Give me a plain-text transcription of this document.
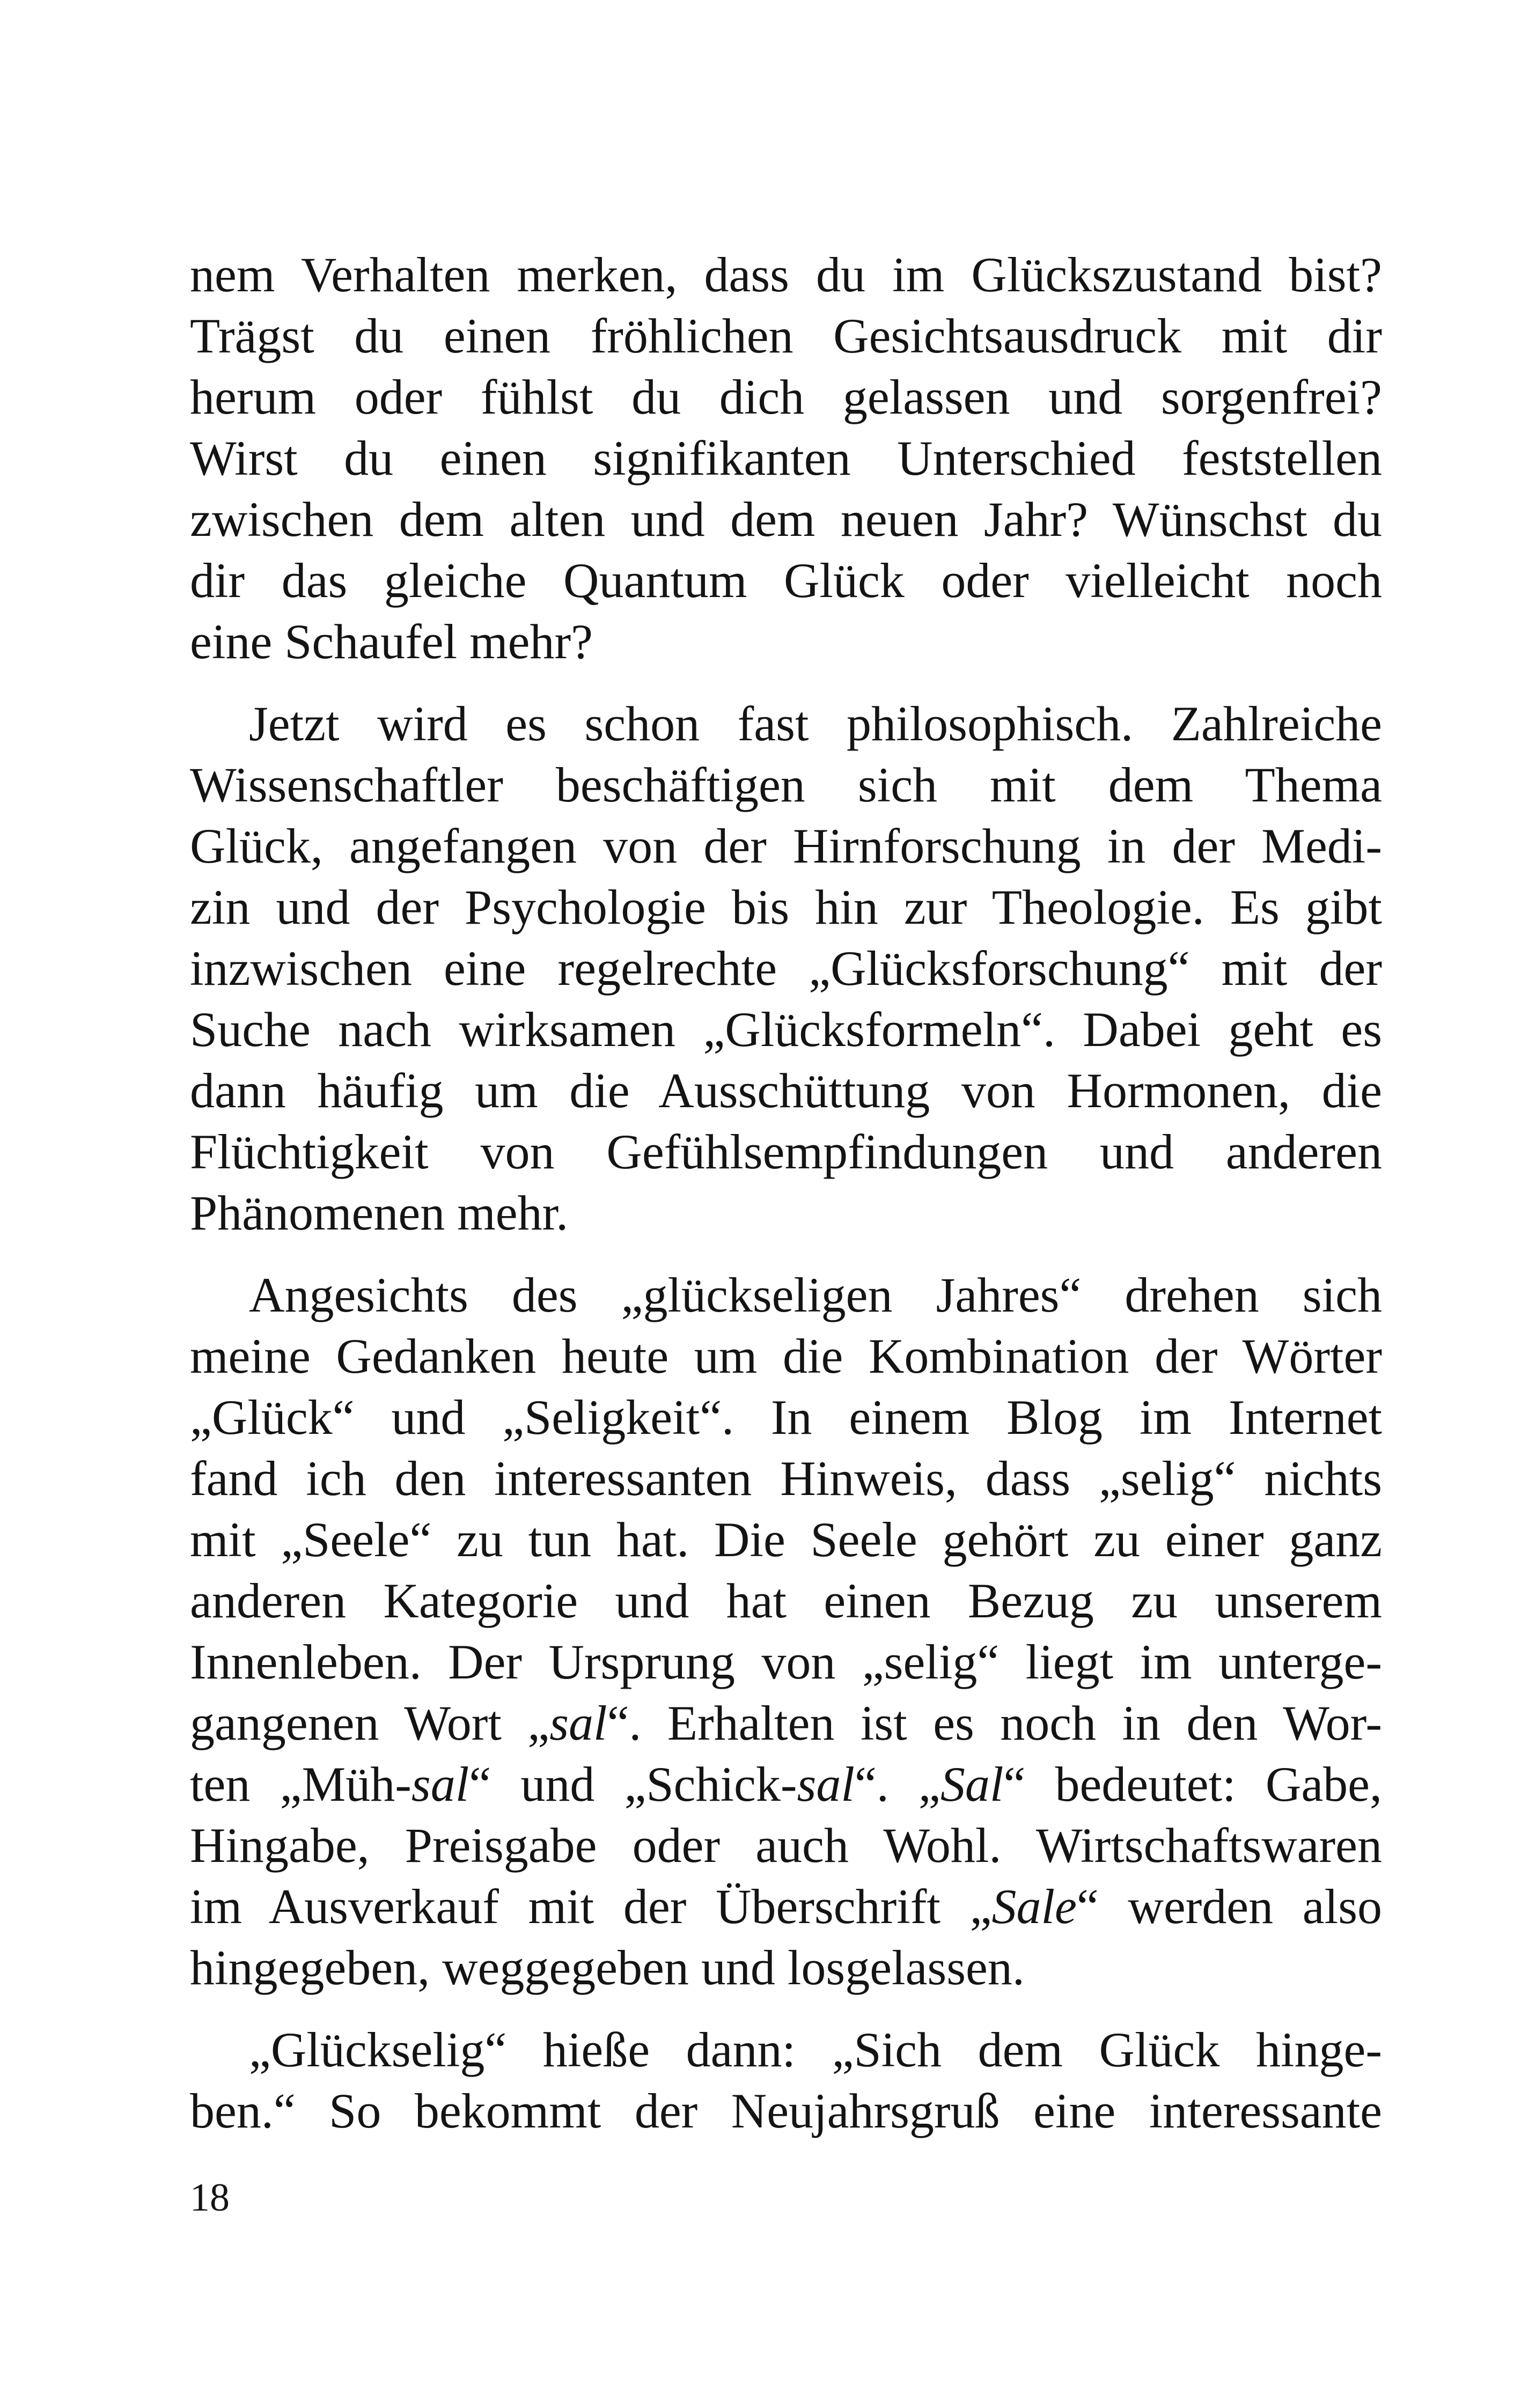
nem Verhalten merken, dass du im Glückszustand bist?
Trägst du einen fröhlichen Gesichtsausdruck mit dir
herum oder fühlst du dich gelassen und sorgenfrei?
Wirst du einen signifikanten Unterschied feststellen
zwischen dem alten und dem neuen Jahr? Wünschst du
dir das gleiche Quantum Glück oder vielleicht noch
eine Schaufel mehr?

Jetzt wird es schon fast philosophisch. Zahlreiche
Wissenschaftler beschäftigen sich mit dem Thema
Glück, angefangen von der Hirnforschung in der Medi-
zin und der Psychologie bis hin zur Theologie. Es gibt
inzwischen eine regelrechte „Glücksforschung“ mit der
Suche nach wirksamen „Glücksformeln“. Dabei geht es
dann häufig um die Ausschüttung von Hormonen, die
Flüchtigkeit von Gefühlsempfindungen und anderen
Phänomenen mehr.

Angesichts des „glückseligen Jahres“ drehen sich
meine Gedanken heute um die Kombination der Wörter
„Glück“ und „Seligkeit“. In einem Blog im Internet
fand ich den interessanten Hinweis, dass „selig“ nichts
mit „Seele“ zu tun hat. Die Seele gehört zu einer ganz
anderen Kategorie und hat einen Bezug zu unserem
Innenleben. Der Ursprung von „selig“ liegt im unterge-
gangenen Wort „sal“. Erhalten ist es noch in den Wor-
ten „Müh-sal“ und „Schick-sal“. „Sal“ bedeutet: Gabe,
Hingabe, Preisgabe oder auch Wohl. Wirtschaftswaren
im Ausverkauf mit der Überschrift „Sale“ werden also
hingegeben, weggegeben und losgelassen.

„Glückselig“ hieße dann: „Sich dem Glück hinge-
ben.“ So bekommt der Neujahrsgruß eine interessante

18
